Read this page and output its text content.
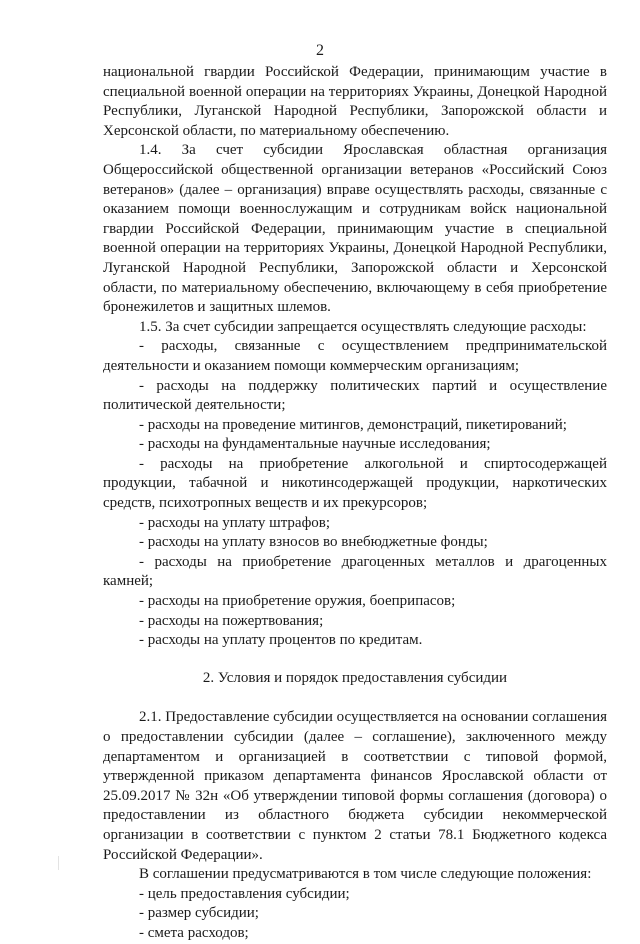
2

национальной гвардии Российской Федерации, принимающим участие в специальной военной операции на территориях Украины, Донецкой Народной Республики, Луганской Народной Республики, Запорожской области и Херсонской области, по материальному обеспечению.

1.4. За счет субсидии Ярославская областная организация Общероссийской общественной организации ветеранов «Российский Союз ветеранов» (далее – организация) вправе осуществлять расходы, связанные с оказанием помощи военнослужащим и сотрудникам войск национальной гвардии Российской Федерации, принимающим участие в специальной военной операции на территориях Украины, Донецкой Народной Республики, Луганской Народной Республики, Запорожской области и Херсонской области, по материальному обеспечению, включающему в себя приобретение бронежилетов и защитных шлемов.

1.5. За счет субсидии запрещается осуществлять следующие расходы:

- расходы, связанные с осуществлением предпринимательской деятельности и оказанием помощи коммерческим организациям;

- расходы на поддержку политических партий и осуществление политической деятельности;

- расходы на проведение митингов, демонстраций, пикетирований;

- расходы на фундаментальные научные исследования;

- расходы на приобретение алкогольной и спиртосодержащей продукции, табачной и никотинсодержащей продукции, наркотических средств, психотропных веществ и их прекурсоров;

- расходы на уплату штрафов;

- расходы на уплату взносов во внебюджетные фонды;

- расходы на приобретение драгоценных металлов и драгоценных камней;

- расходы на приобретение оружия, боеприпасов;

- расходы на пожертвования;

- расходы на уплату процентов по кредитам.

2. Условия и порядок предоставления субсидии

2.1. Предоставление субсидии осуществляется на основании соглашения о предоставлении субсидии (далее – соглашение), заключенного между департаментом и организацией в соответствии с типовой формой, утвержденной приказом департамента финансов Ярославской области от 25.09.2017 № 32н «Об утверждении типовой формы соглашения (договора) о предоставлении из областного бюджета субсидии некоммерческой организации в соответствии с пунктом 2 статьи 78.1 Бюджетного кодекса Российской Федерации».

В соглашении предусматриваются в том числе следующие положения:

- цель предоставления субсидии;

- размер субсидии;

- смета расходов;
